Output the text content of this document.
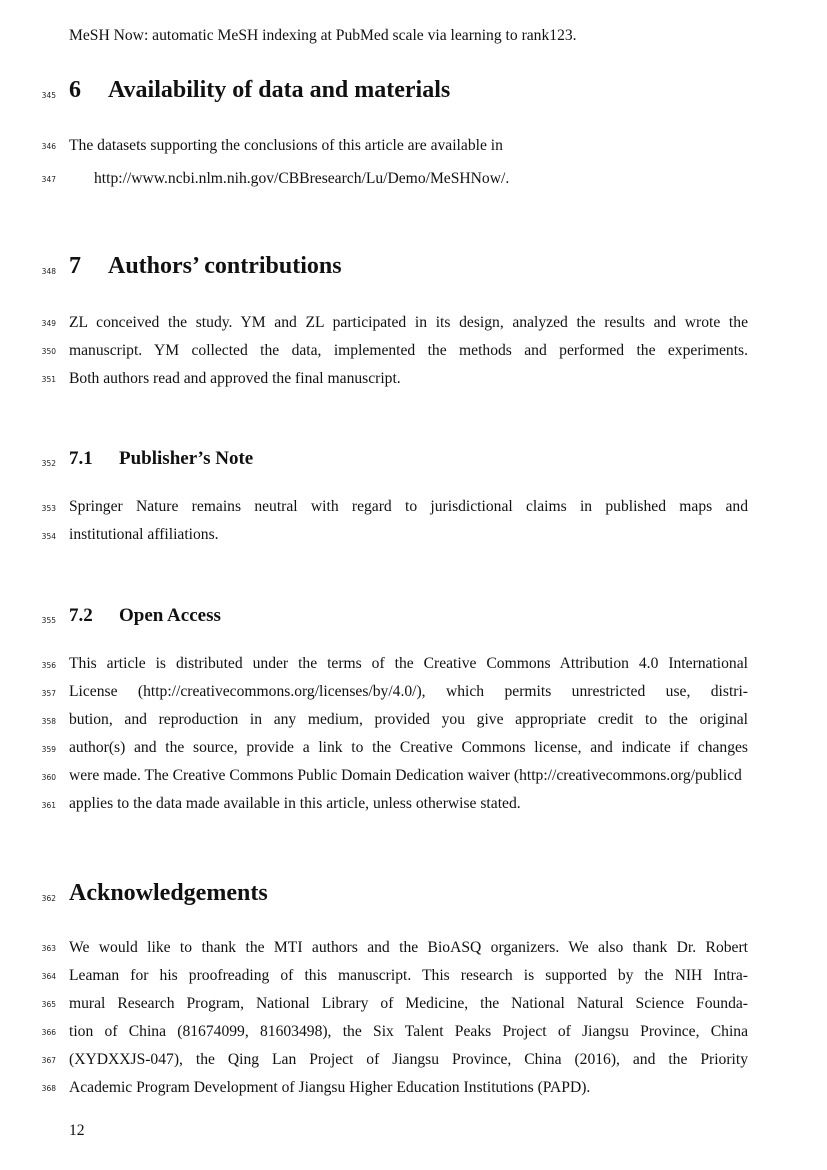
MeSH Now: automatic MeSH indexing at PubMed scale via learning to rank123.
345 6 Availability of data and materials
346 The datasets supporting the conclusions of this article are available in
347 http://www.ncbi.nlm.nih.gov/CBBresearch/Lu/Demo/MeSHNow/.
348 7 Authors’ contributions
349 ZL conceived the study. YM and ZL participated in its design, analyzed the results and wrote the
350 manuscript. YM collected the data, implemented the methods and performed the experiments.
351 Both authors read and approved the final manuscript.
352 7.1 Publisher’s Note
353 Springer Nature remains neutral with regard to jurisdictional claims in published maps and
354 institutional affiliations.
355 7.2 Open Access
356 This article is distributed under the terms of the Creative Commons Attribution 4.0 International
357 License (http://creativecommons.org/licenses/by/4.0/), which permits unrestricted use, distri-
358 bution, and reproduction in any medium, provided you give appropriate credit to the original
359 author(s) and the source, provide a link to the Creative Commons license, and indicate if changes
360 were made. The Creative Commons Public Domain Dedication waiver (http://creativecommons.org/publicd
361 applies to the data made available in this article, unless otherwise stated.
362 Acknowledgements
363 We would like to thank the MTI authors and the BioASQ organizers. We also thank Dr. Robert
364 Leaman for his proofreading of this manuscript. This research is supported by the NIH Intra-
365 mural Research Program, National Library of Medicine, the National Natural Science Founda-
366 tion of China (81674099, 81603498), the Six Talent Peaks Project of Jiangsu Province, China
367 (XYDXXJS-047), the Qing Lan Project of Jiangsu Province, China (2016), and the Priority
368 Academic Program Development of Jiangsu Higher Education Institutions (PAPD).
12
